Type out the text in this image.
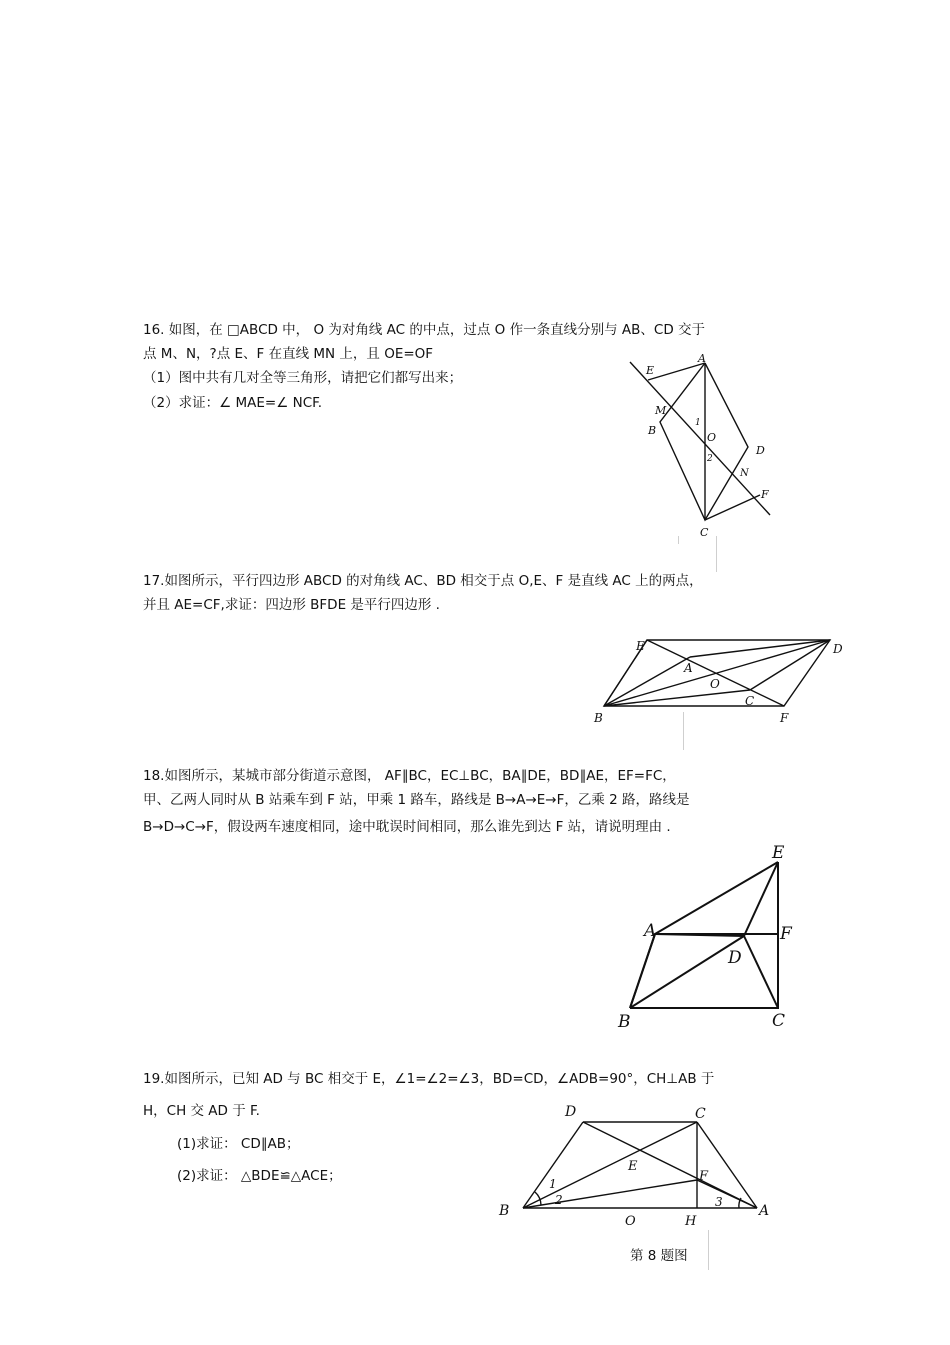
16. 如图，在 □ABCD 中， O 为对角线 AC 的中点，过点 O 作一条直线分别与 AB、CD 交于
点 M、N，?点 E、F 在直线 MN 上，且 OE=OF
（1）图中共有几对全等三角形，请把它们都写出来；
（2）求证：∠ MAE=∠ NCF.
A
B
C
D
E
F
M
N
O
1
2
17.如图所示，平行四边形 ABCD 的对角线 AC、BD 相交于点 O,E、F 是直线 AC 上的两点，
并且 AE=CF,求证：四边形 BFDE 是平行四边形 .
A
B
C
D
E
F
O
18.如图所示，某城市部分街道示意图， AF∥BC，EC⊥BC，BA∥DE，BD∥AE，EF=FC，
甲、乙两人同时从 B 站乘车到 F 站，甲乘 1 路车，路线是 B→A→E→F，乙乘 2 路，路线是
B→D→C→F，假设两车速度相同，途中耽误时间相同，那么谁先到达 F 站，请说明理由 .
A
B	C
D
E
F
19.如图所示，已知 AD 与 BC 相交于 E，∠1=∠2=∠3，BD=CD，∠ADB=90°，CH⊥AB 于
H，CH 交 AD 于 F.
(1)求证： CD∥AB；
(2)求证： △BDE≌△ACE；
D	C
B	A
E
F
H
O
1
2	3
第 8 题图
